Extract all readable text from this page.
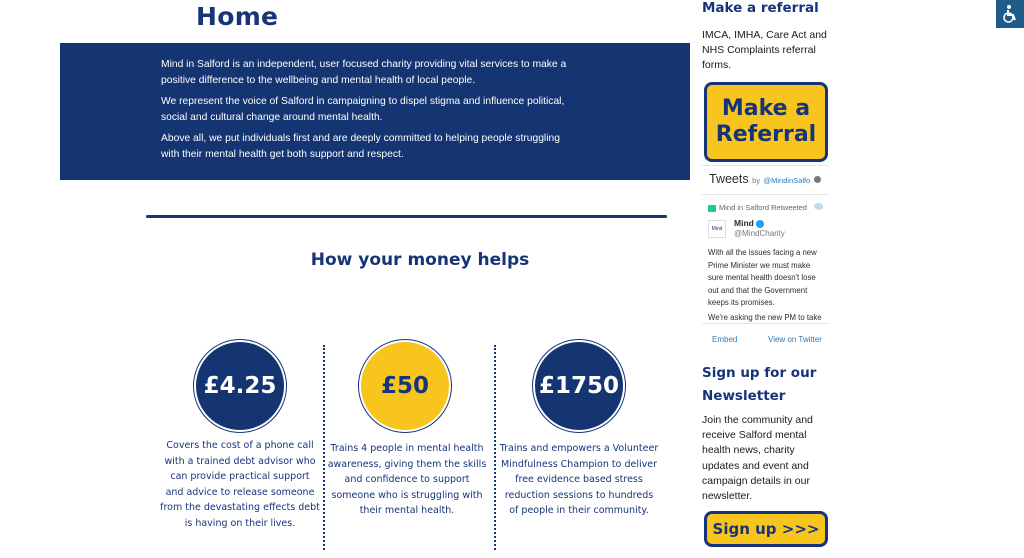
Home

Mind in Salford is an independent, user focused charity providing vital services to make a positive difference to the wellbeing and mental health of local people.

We represent the voice of Salford in campaigning to dispel stigma and influence political, social and cultural change around mental health.

Above all, we put individuals first and are deeply committed to helping people struggling with their mental health get both support and respect.

How your money helps
£4.25

Covers the cost of a phone call with a trained debt advisor who can provide practical support and advice to release someone from the devastating effects debt is having on their lives.

£50

Trains 4 people in mental health awareness, giving them the skills and confidence to support someone who is struggling with their mental health.

£1750

Trains and empowers a Volunteer Mindfulness Champion to deliver free evidence based stress reduction sessions to hundreds of people in their community.

Make a referral

IMCA, IMHA, Care Act and NHS Complaints referral forms.

Make a
Referral
Tweets by @MindinSalfo
Mind in Salford Retweeted
Mind
Mind
@MindCharity

With all the issues facing a new Prime Minister we must make sure mental health doesn't lose out and that the Government keeps its promises.

We're asking the new PM to take

Embed	View on Twitter
Sign up for our
Newsletter

Join the community and receive Salford mental health news, charity updates and event and campaign details in our newsletter.

Sign up >>>
